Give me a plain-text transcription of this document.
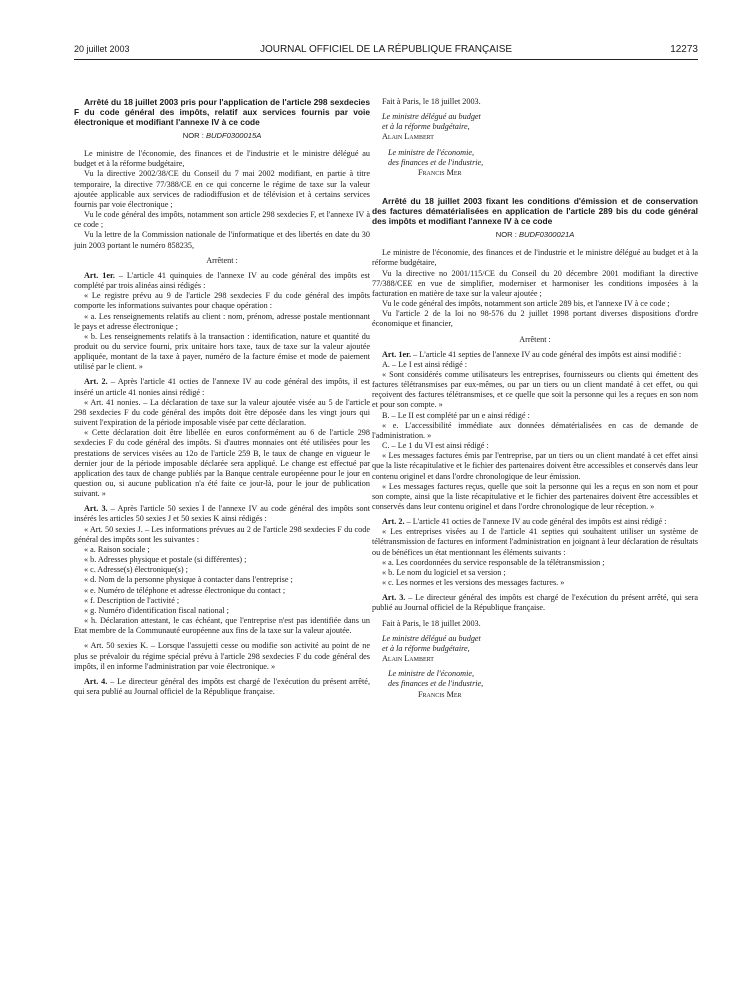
20 juillet 2003	JOURNAL OFFICIEL DE LA RÉPUBLIQUE FRANÇAISE	12273

Arrêté du 18 juillet 2003 pris pour l'application de l'article 298 sexdecies F du code général des impôts, relatif aux services fournis par voie électronique et modifiant l'annexe IV à ce code

NOR : BUDF0300015A

Le ministre de l'économie, des finances et de l'industrie et le ministre délégué au budget et à la réforme budgétaire,

Vu la directive 2002/38/CE du Conseil du 7 mai 2002 modifiant, en partie à titre temporaire, la directive 77/388/CE en ce qui concerne le régime de taxe sur la valeur ajoutée applicable aux services de radiodiffusion et de télévision et à certains services fournis par voie électronique ;

Vu le code général des impôts, notamment son article 298 sexdecies F, et l'annexe IV à ce code ;

Vu la lettre de la Commission nationale de l'informatique et des libertés en date du 30 juin 2003 portant le numéro 858235,

Arrêtent :

Art. 1er. – L'article 41 quinquies de l'annexe IV au code général des impôts est complété par trois alinéas ainsi rédigés :

« Le registre prévu au 9 de l'article 298 sexdecies F du code général des impôts comporte les informations suivantes pour chaque opération :

« a. Les renseignements relatifs au client : nom, prénom, adresse postale mentionnant le pays et adresse électronique ;

« b. Les renseignements relatifs à la transaction : identification, nature et quantité du produit ou du service fourni, prix unitaire hors taxe, taux de taxe sur la valeur ajoutée appliquée, montant de la taxe à payer, numéro de la facture émise et mode de paiement utilisé par le client. »

Art. 2. – Après l'article 41 octies de l'annexe IV au code général des impôts, il est inséré un article 41 nonies ainsi rédigé :

« Art. 41 nonies. – La déclaration de taxe sur la valeur ajoutée visée au 5 de l'article 298 sexdecies F du code général des impôts doit être déposée dans les vingt jours qui suivent l'expiration de la période imposable visée par cette déclaration.

« Cette déclaration doit être libellée en euros conformément au 6 de l'article 298 sexdecies F du code général des impôts. Si d'autres monnaies ont été utilisées pour les prestations de services visées au 12o de l'article 259 B, le taux de change en vigueur le dernier jour de la période imposable déclarée sera appliqué. Le change est effectué par application des taux de change publiés par la Banque centrale européenne pour le jour en question ou, si aucune publication n'a été faite ce jour-là, pour le jour de publication suivant. »

Art. 3. – Après l'article 50 sexies I de l'annexe IV au code général des impôts sont insérés les articles 50 sexies J et 50 sexies K ainsi rédigés :

« Art. 50 sexies J. – Les informations prévues au 2 de l'article 298 sexdecies F du code général des impôts sont les suivantes :

« a. Raison sociale ;

« b. Adresses physique et postale (si différentes) ;

« c. Adresse(s) électronique(s) ;

« d. Nom de la personne physique à contacter dans l'entreprise ;

« e. Numéro de téléphone et adresse électronique du contact ;

« f. Description de l'activité ;

« g. Numéro d'identification fiscal national ;

« h. Déclaration attestant, le cas échéant, que l'entreprise n'est pas identifiée dans un Etat membre de la Communauté européenne aux fins de la taxe sur la valeur ajoutée.

« Art. 50 sexies K. – Lorsque l'assujetti cesse ou modifie son activité au point de ne plus se prévaloir du régime spécial prévu à l'article 298 sexdecies F du code général des impôts, il en informe l'administration par voie électronique. »

Art. 4. – Le directeur général des impôts est chargé de l'exécution du présent arrêté, qui sera publié au Journal officiel de la République française.

Fait à Paris, le 18 juillet 2003.

Le ministre délégué au budget

et à la réforme budgétaire,

Alain Lambert

Le ministre de l'économie,

des finances et de l'industrie,

Francis Mer

Arrêté du 18 juillet 2003 fixant les conditions d'émission et de conservation des factures dématérialisées en application de l'article 289 bis du code général des impôts et modifiant l'annexe IV à ce code

NOR : BUDF0300021A

Le ministre de l'économie, des finances et de l'industrie et le ministre délégué au budget et à la réforme budgétaire,

Vu la directive no 2001/115/CE du Conseil du 20 décembre 2001 modifiant la directive 77/388/CEE en vue de simplifier, moderniser et harmoniser les conditions imposées à la facturation en matière de taxe sur la valeur ajoutée ;

Vu le code général des impôts, notamment son article 289 bis, et l'annexe IV à ce code ;

Vu l'article 2 de la loi no 98-576 du 2 juillet 1998 portant diverses dispositions d'ordre économique et financier,

Arrêtent :

Art. 1er. – L'article 41 septies de l'annexe IV au code général des impôts est ainsi modifié :

A. – Le I est ainsi rédigé :

« Sont considérés comme utilisateurs les entreprises, fournisseurs ou clients qui émettent des factures télétransmises par eux-mêmes, ou par un tiers ou un client mandaté à cet effet, ou qui reçoivent des factures télétransmises, et ce quelle que soit la personne qui les a reçues en son nom et pour son compte. »

B. – Le II est complété par un e ainsi rédigé :

« e. L'accessibilité immédiate aux données dématérialisées en cas de demande de l'administration. »

C. – Le 1 du VI est ainsi rédigé :

« Les messages factures émis par l'entreprise, par un tiers ou un client mandaté à cet effet ainsi que la liste récapitulative et le fichier des partenaires doivent être accessibles et conservés dans leur contenu originel et dans l'ordre chronologique de leur émission.

« Les messages factures reçus, quelle que soit la personne qui les a reçus en son nom et pour son compte, ainsi que la liste récapitulative et le fichier des partenaires doivent être accessibles et conservés dans leur contenu originel et dans l'ordre chronologique de leur réception. »

Art. 2. – L'article 41 octies de l'annexe IV au code général des impôts est ainsi rédigé :

« Les entreprises visées au I de l'article 41 septies qui souhaitent utiliser un système de télétransmission de factures en informent l'administration en joignant à leur déclaration de résultats ou de bénéfices un état mentionnant les éléments suivants :

« a. Les coordonnées du service responsable de la télétransmission ;

« b. Le nom du logiciel et sa version ;

« c. Les normes et les versions des messages factures. »

Art. 3. – Le directeur général des impôts est chargé de l'exécution du présent arrêté, qui sera publié au Journal officiel de la République française.

Fait à Paris, le 18 juillet 2003.

Le ministre délégué au budget

et à la réforme budgétaire,

Alain Lambert

Le ministre de l'économie,

des finances et de l'industrie,

Francis Mer
